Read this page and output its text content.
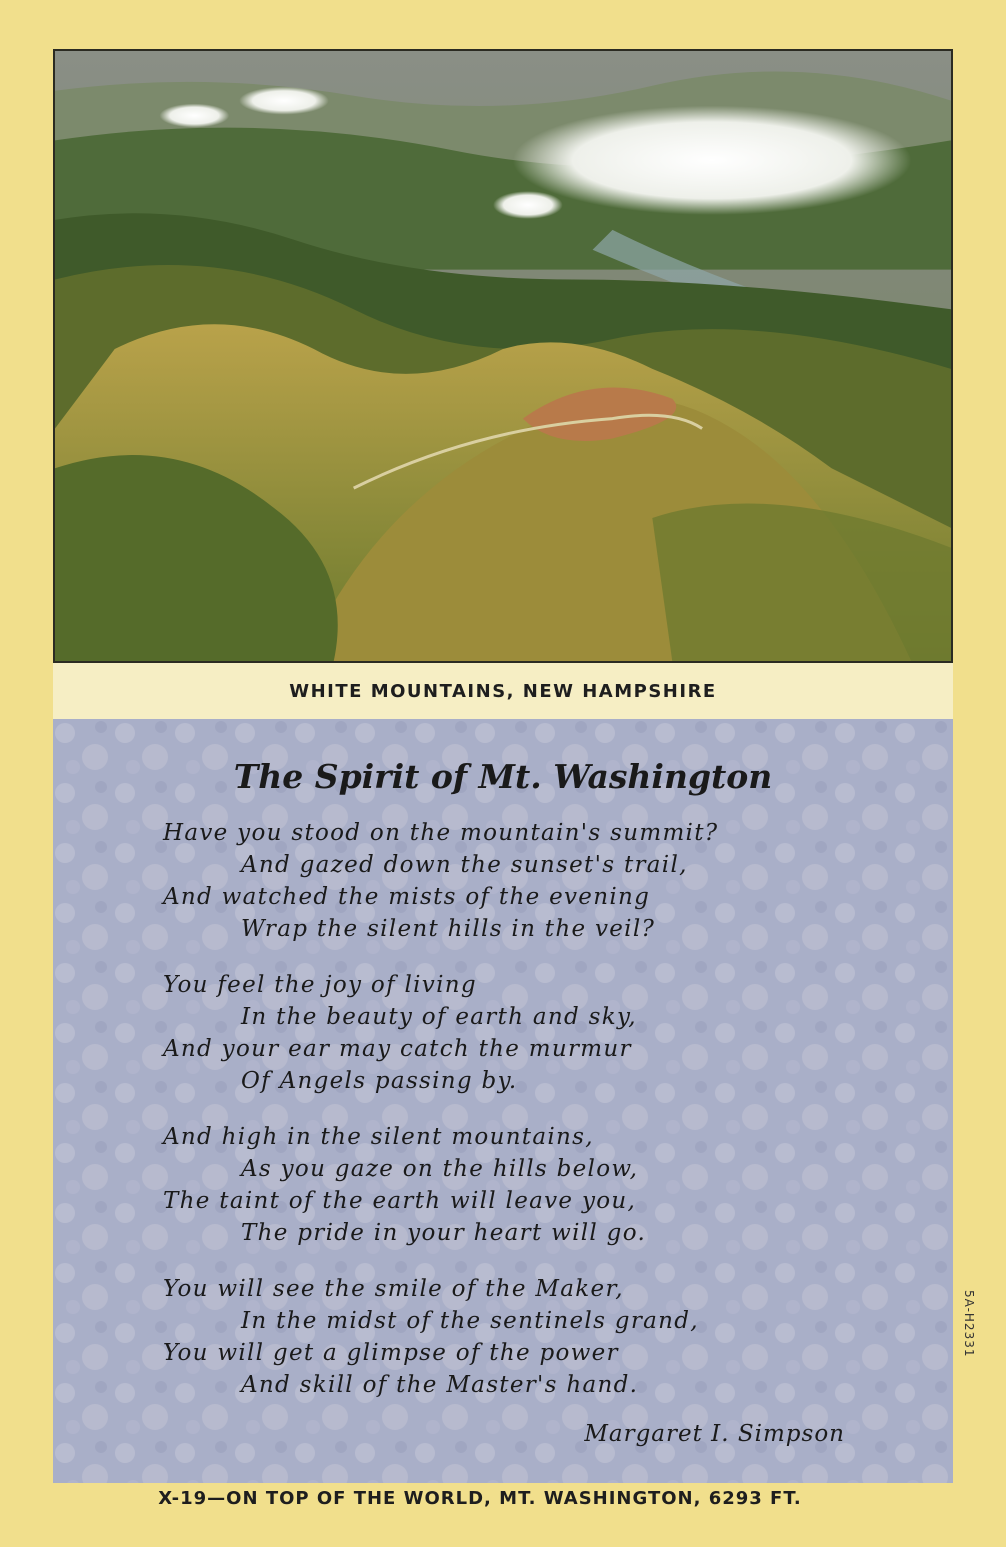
WHITE MOUNTAINS, NEW HAMPSHIRE
The Spirit of Mt. Washington
Have you stood on the mountain's summit?
And gazed down the sunset's trail,
And watched the mists of the evening
Wrap the silent hills in the veil?
You feel the joy of living
In the beauty of earth and sky,
And your ear may catch the murmur
Of Angels passing by.
And high in the silent mountains,
As you gaze on the hills below,
The taint of the earth will leave you,
The pride in your heart will go.
You will see the smile of the Maker,
In the midst of the sentinels grand,
You will get a glimpse of the power
And skill of the Master's hand.
Margaret I. Simpson
5A-H2331
X-19—ON TOP OF THE WORLD, MT. WASHINGTON, 6293 FT.
